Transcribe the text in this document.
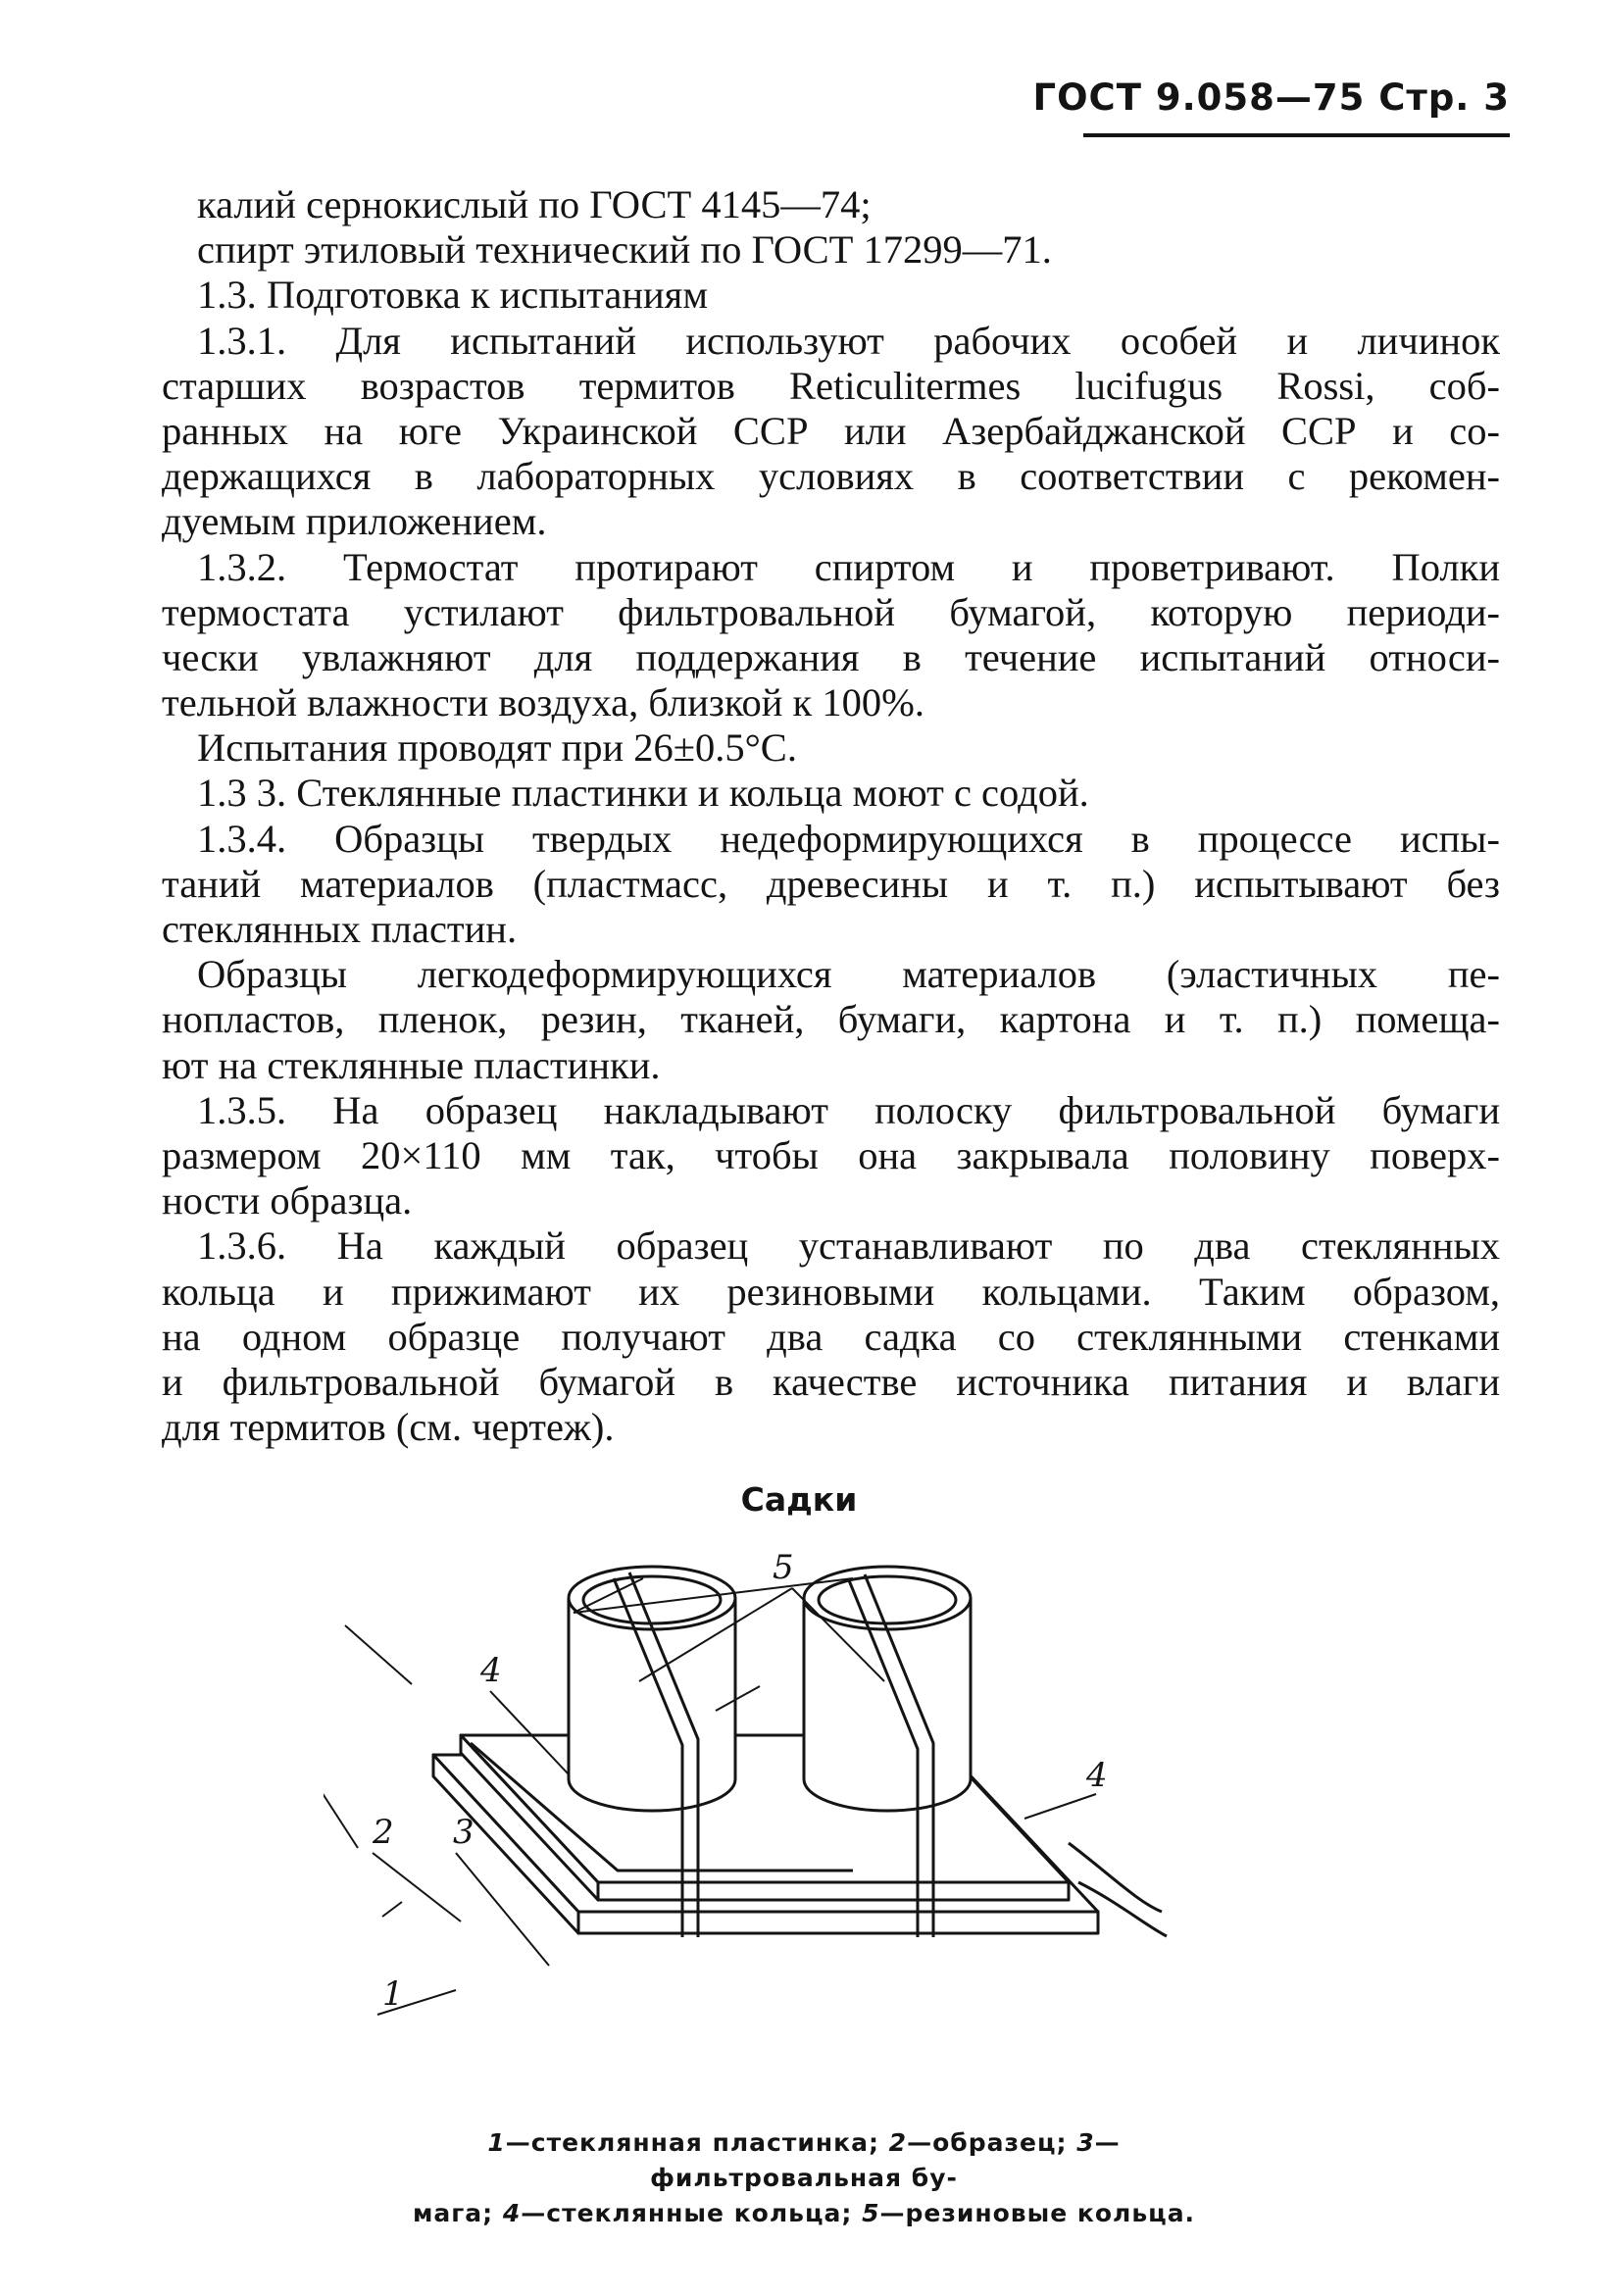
ГОСТ 9.058—75 Стр. 3
калий сернокислый по ГОСТ 4145—74;
спирт этиловый технический по ГОСТ 17299—71.
1.3. Подготовка к испытаниям
1.3.1. Для испытаний используют рабочих особей и личинок
старших возрастов термитов Reticulitermes lucifugus Rossi, соб-
ранных на юге Украинской ССР или Азербайджанской ССР и со-
держащихся в лабораторных условиях в соответствии с рекомен-
дуемым приложением.
1.3.2. Термостат протирают спиртом и проветривают. Полки
термостата устилают фильтровальной бумагой, которую периоди-
чески увлажняют для поддержания в течение испытаний относи-
тельной влажности воздуха, близкой к 100%.
Испытания проводят при 26±0.5°С.
1.3 3. Стеклянные пластинки и кольца моют с содой.
1.3.4. Образцы твердых недеформирующихся в процессе испы-
таний материалов (пластмасс, древесины и т. п.) испытывают без
стеклянных пластин.
Образцы легкодеформирующихся материалов (эластичных пе-
нопластов, пленок, резин, тканей, бумаги, картона и т. п.) помеща-
ют на стеклянные пластинки.
1.3.5. На образец накладывают полоску фильтровальной бумаги
размером 20×110 мм так, чтобы она закрывала половину поверх-
ности образца.
1.3.6. На каждый образец устанавливают по два стеклянных
кольца и прижимают их резиновыми кольцами. Таким образом,
на одном образце получают два садка со стеклянными стенками
и фильтровальной бумагой в качестве источника питания и влаги
для термитов (см. чертеж).
Садки
5
4
4
2 3
1
1—стеклянная пластинка; 2—образец; 3—фильтровальная бу-
мага; 4—стеклянные кольца; 5—резиновые кольца.
